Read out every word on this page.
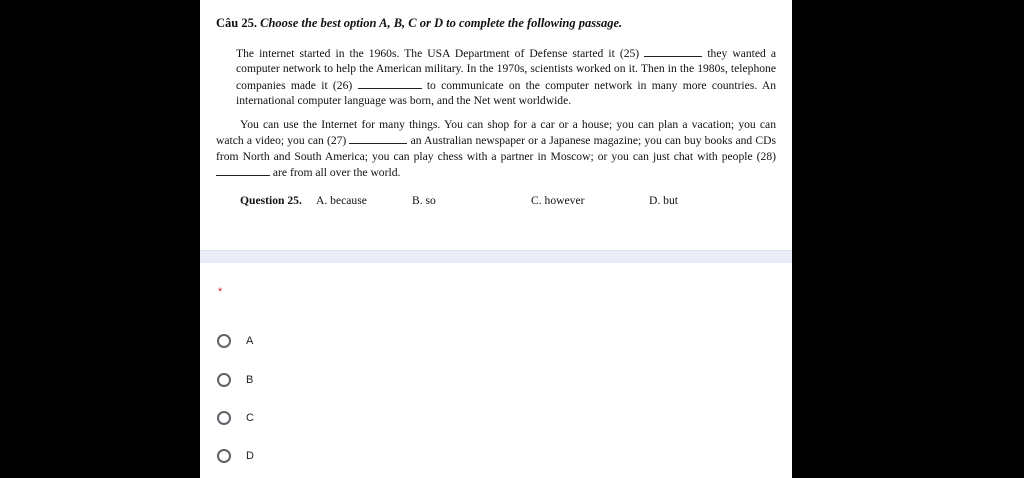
Câu 25. Choose the best option A, B, C or D to complete the following passage.
The internet started in the 1960s. The USA Department of Defense started it (25)	they wanted a computer network to help the American military. In the 1970s, scientists worked on it. Then in the 1980s, telephone companies made it (26)	to communicate on the computer network in many more countries. An international computer language was born, and the Net went worldwide.
You can use the Internet for many things. You can shop for a car or a house; you can plan a vacation; you can watch a video; you can (27)	an Australian newspaper or a Japanese magazine; you can buy books and CDs from North and South America; you can play chess with a partner in Moscow; or you can just chat with people (28)  are from all over the world.
Question 25. A. because	B. so	C. however	D. but
*
A
B
C
D
